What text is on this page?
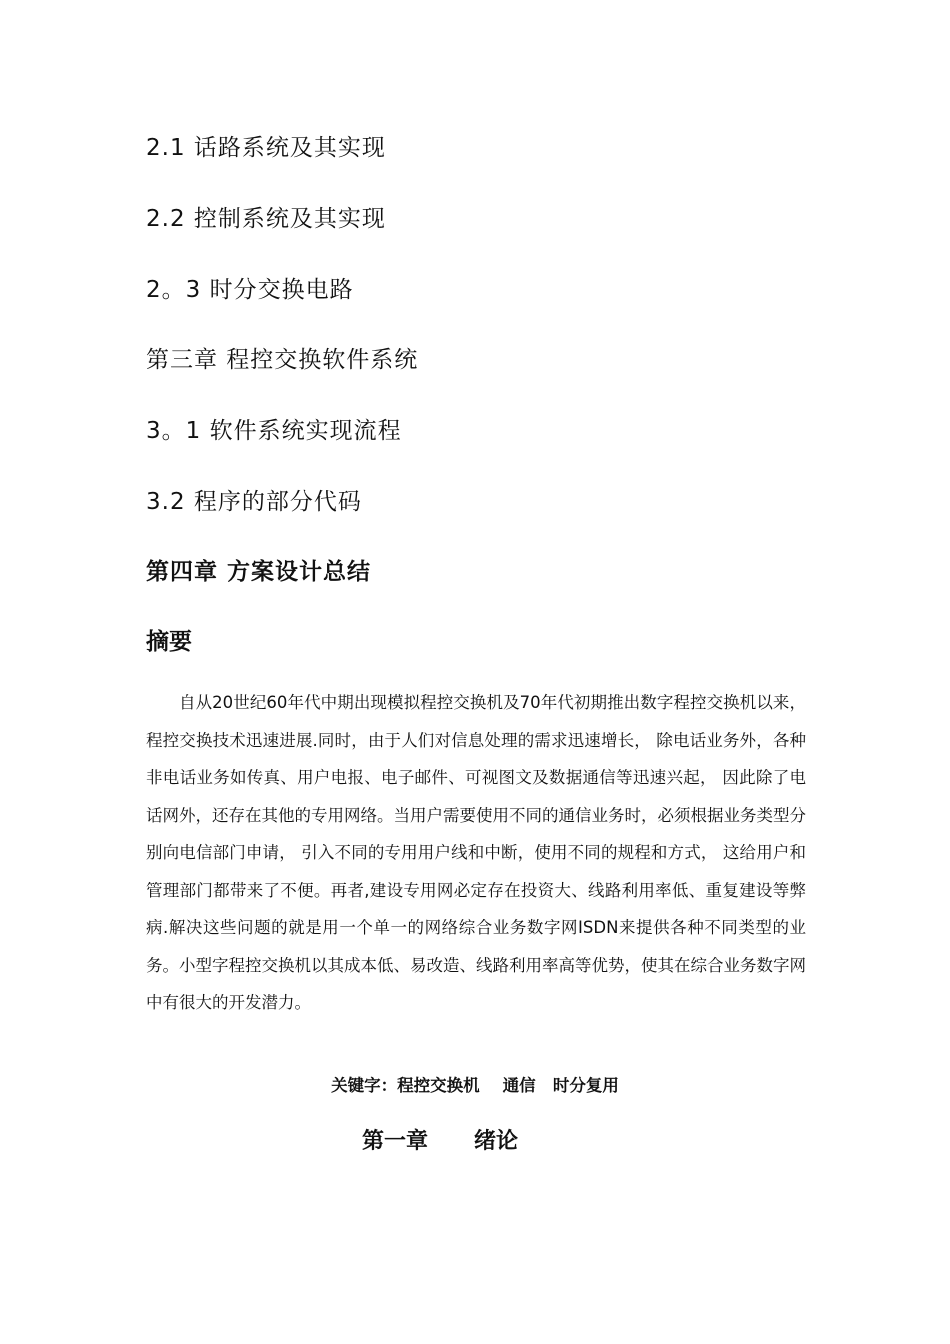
2.1 话路系统及其实现
2.2 控制系统及其实现
2。3 时分交换电路
第三章 程控交换软件系统
3。1 软件系统实现流程
3.2 程序的部分代码
第四章 方案设计总结
摘要

自从20世纪60年代中期出现模拟程控交换机及70年代初期推出数字程控交换机以来， 程控交换技术迅速进展.同时，由于人们对信息处理的需求迅速增长， 除电话业务外，各种非电话业务如传真、用户电报、电子邮件、可视图文及数据通信等迅速兴起， 因此除了电话网外，还存在其他的专用网络。当用户需要使用不同的通信业务时，必须根据业务类型分别向电信部门申请， 引入不同的专用用户线和中断，使用不同的规程和方式， 这给用户和管理部门都带来了不便。再者,建设专用网必定存在投资大、线路利用率低、重复建设等弊病.解决这些问题的就是用一个单一的网络综合业务数字网ISDN来提供各种不同类型的业务。小型字程控交换机以其成本低、易改造、线路利用率高等优势，使其在综合业务数字网中有很大的开发潜力。

关键字：程控交换机    通信   时分复用
第一章      绪论
